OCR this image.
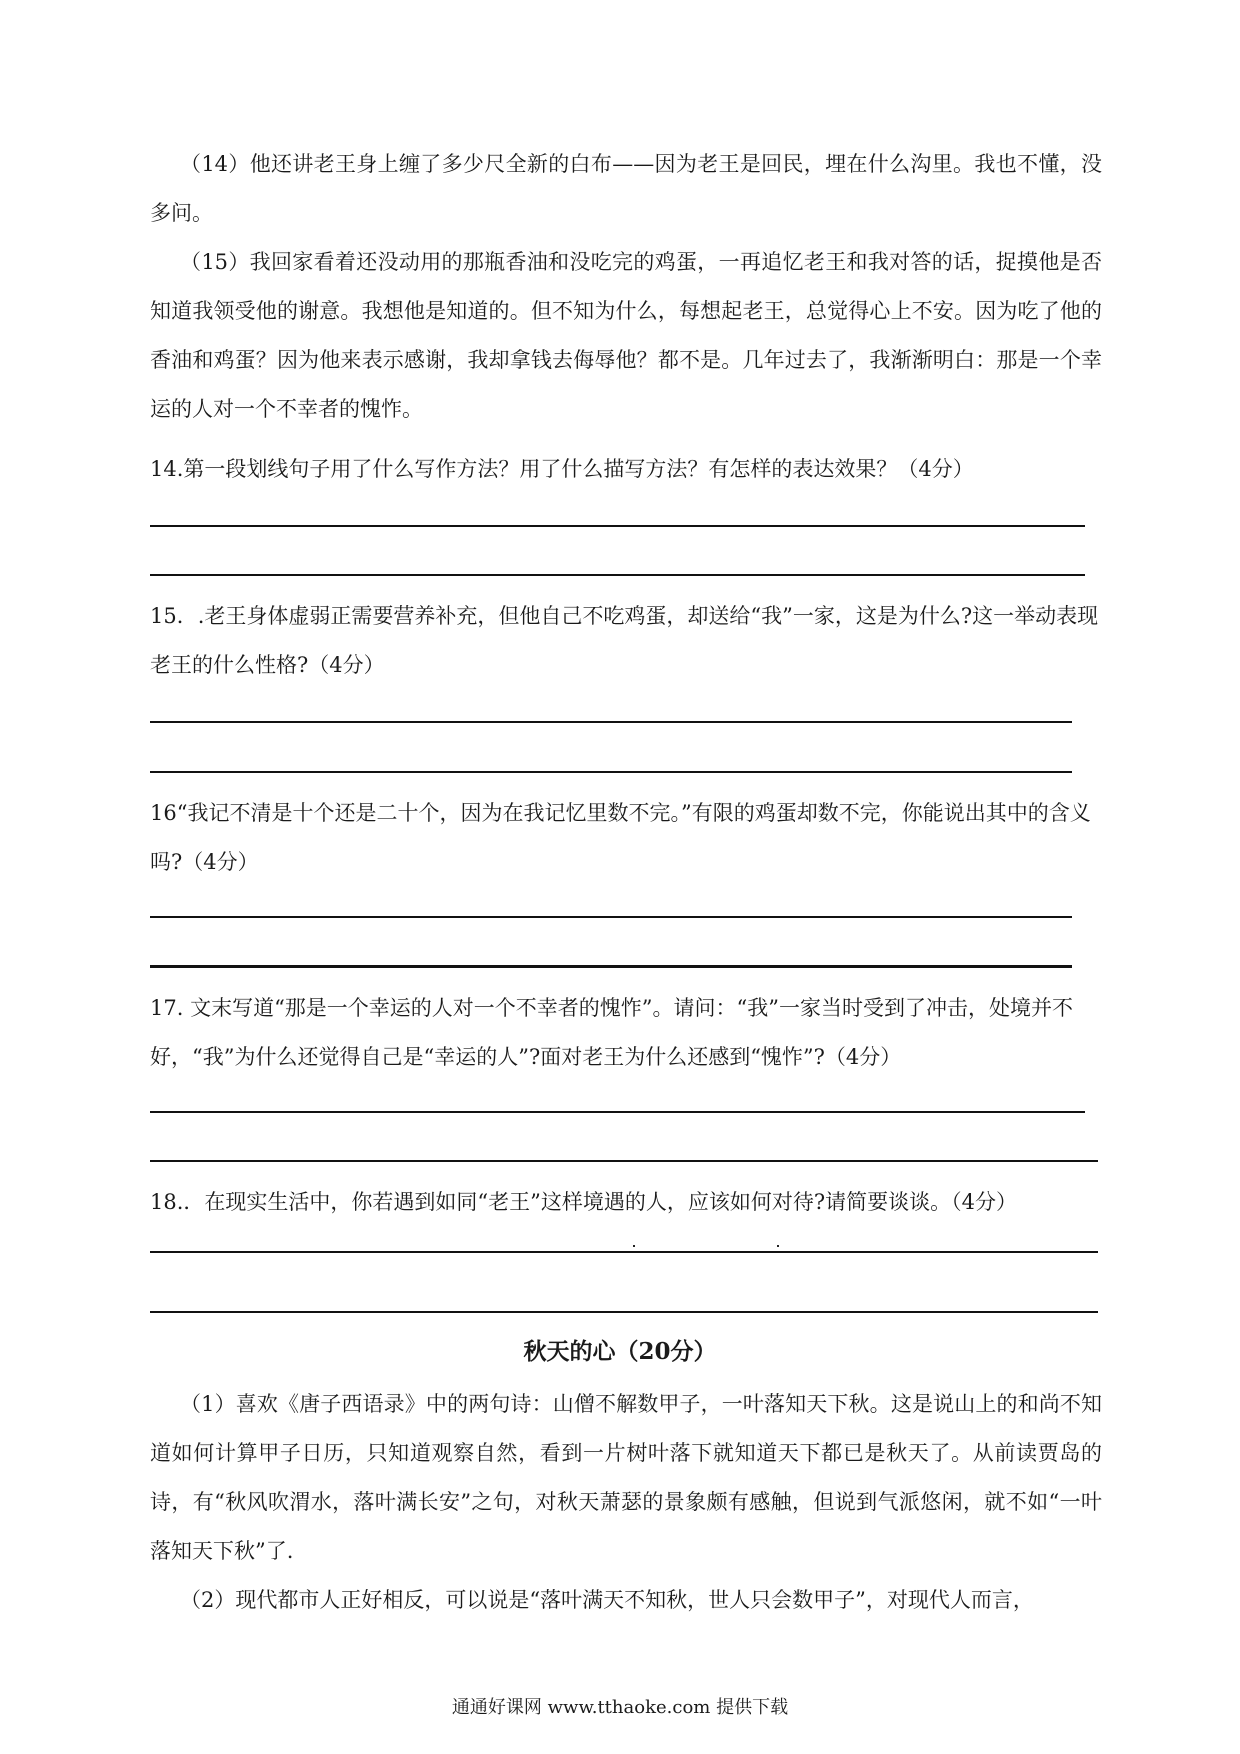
（14）他还讲老王身上缠了多少尺全新的白布——因为老王是回民，埋在什么沟里。我也不懂，没多问。

（15）我回家看着还没动用的那瓶香油和没吃完的鸡蛋，一再追忆老王和我对答的话，捉摸他是否知道我领受他的谢意。我想他是知道的。但不知为什么，每想起老王，总觉得心上不安。因为吃了他的香油和鸡蛋？因为他来表示感谢，我却拿钱去侮辱他？都不是。几年过去了，我渐渐明白：那是一个幸运的人对一个不幸者的愧怍。

14.第一段划线句子用了什么写作方法？用了什么描写方法？有怎样的表达效果？（4分）

15．.老王身体虚弱正需要营养补充，但他自己不吃鸡蛋，却送给“我”一家，这是为什么?这一举动表现老王的什么性格?（4分）

16“我记不清是十个还是二十个，因为在我记忆里数不完。”有限的鸡蛋却数不完，你能说出其中的含义吗?（4分）

17. 文末写道“那是一个幸运的人对一个不幸者的愧怍”。请问：“我”一家当时受到了冲击，处境并不好，“我”为什么还觉得自己是“幸运的人”?面对老王为什么还感到“愧怍”?（4分）

18.．在现实生活中，你若遇到如同“老王”这样境遇的人，应该如何对待?请简要谈谈。（4分）

秋天的心（20分）

（1）喜欢《唐子西语录》中的两句诗：山僧不解数甲子，一叶落知天下秋。这是说山上的和尚不知道如何计算甲子日历，只知道观察自然，看到一片树叶落下就知道天下都已是秋天了。从前读贾岛的诗，有“秋风吹渭水，落叶满长安”之句，对秋天萧瑟的景象颇有感触，但说到气派悠闲，就不如“一叶落知天下秋”了.

（2）现代都市人正好相反，可以说是“落叶满天不知秋，世人只会数甲子”，对现代人而言，

通通好课网 www.tthaoke.com 提供下载
